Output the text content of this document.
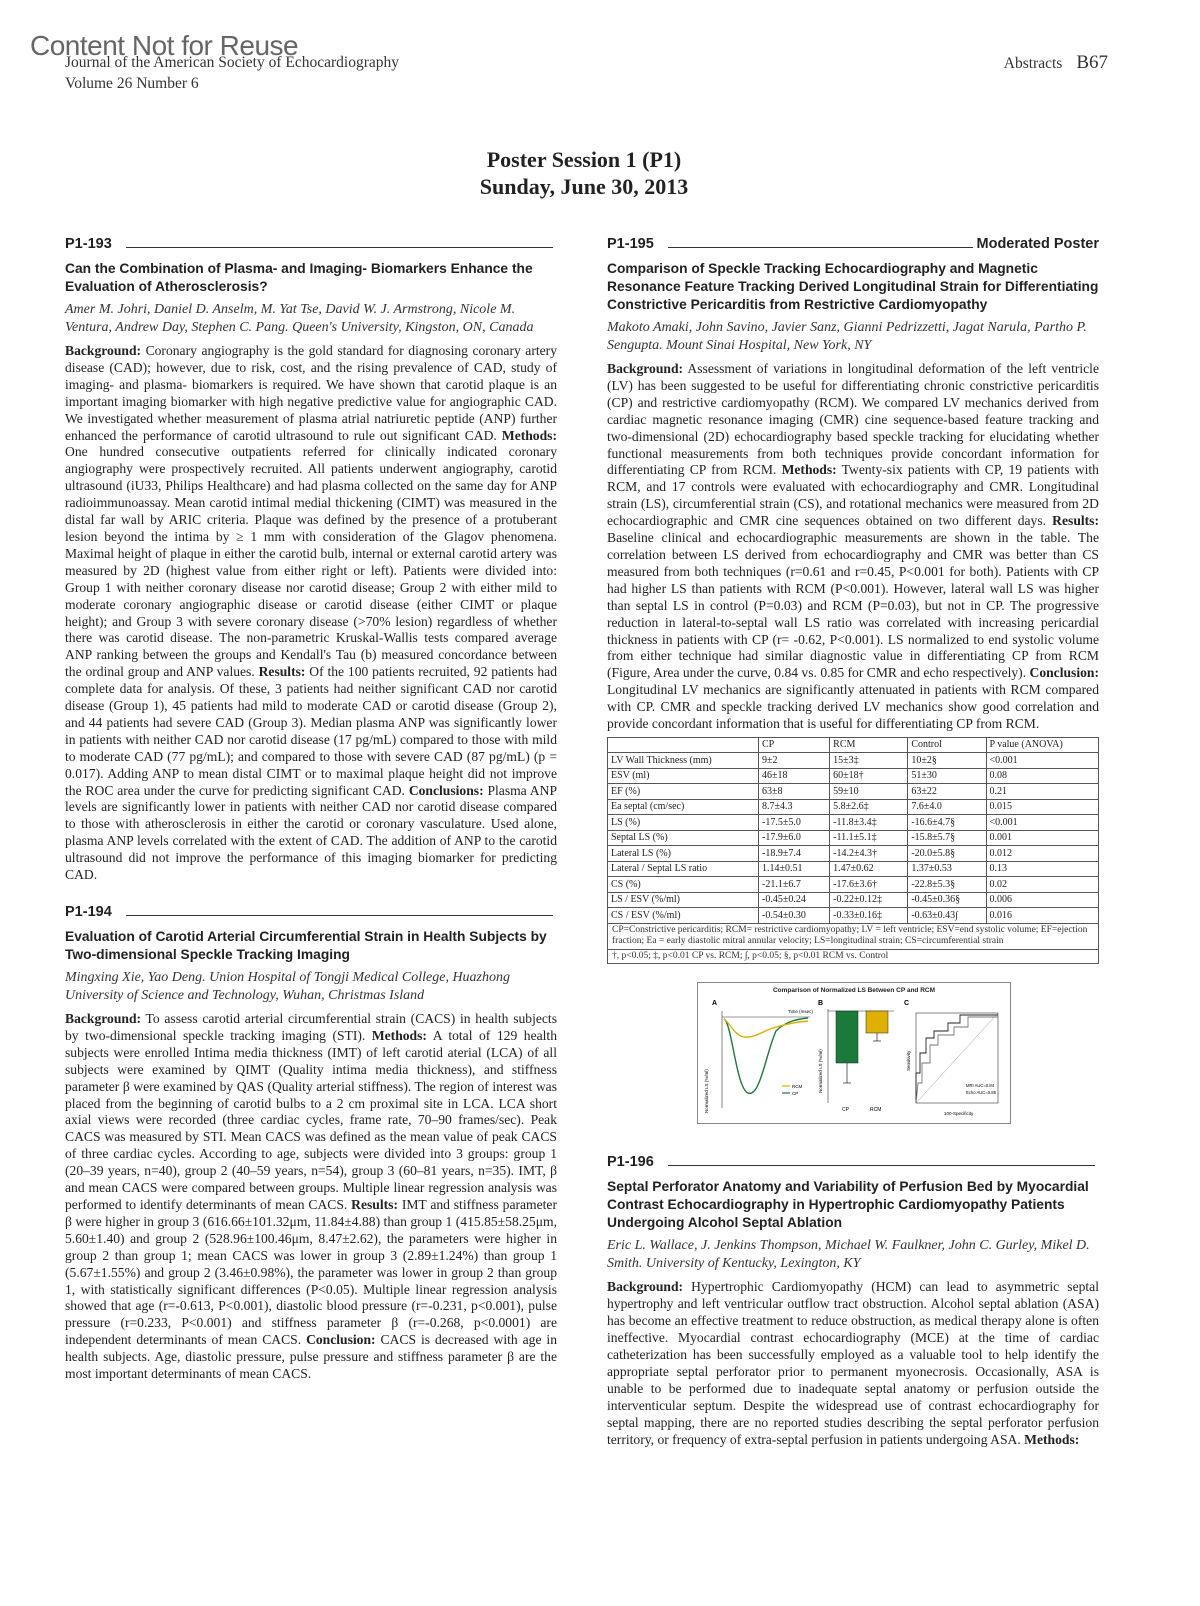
Content Not for Reuse
Journal of the American Society of Echocardiography
Volume 26 Number 6
Abstracts B67
Poster Session 1 (P1)
Sunday, June 30, 2013
P1-193
Can the Combination of Plasma- and Imaging- Biomarkers Enhance the Evaluation of Atherosclerosis?
Amer M. Johri, Daniel D. Anselm, M. Yat Tse, David W. J. Armstrong, Nicole M. Ventura, Andrew Day, Stephen C. Pang. Queen's University, Kingston, ON, Canada
Background: Coronary angiography is the gold standard for diagnosing coronary artery disease (CAD); however, due to risk, cost, and the rising prevalence of CAD, study of imaging- and plasma- biomarkers is required. We have shown that carotid plaque is an important imaging biomarker with high negative predictive value for angiographic CAD. We investigated whether measurement of plasma atrial natriuretic peptide (ANP) further enhanced the performance of carotid ultrasound to rule out significant CAD. Methods: One hundred consecutive outpatients referred for clinically indicated coronary angiography were prospectively recruited. All patients underwent angiography, carotid ultrasound (iU33, Philips Healthcare) and had plasma collected on the same day for ANP radioimmunoassay. Mean carotid intimal medial thickening (CIMT) was measured in the distal far wall by ARIC criteria. Plaque was defined by the presence of a protuberant lesion beyond the intima by ≥ 1 mm with consideration of the Glagov phenomena. Maximal height of plaque in either the carotid bulb, internal or external carotid artery was measured by 2D (highest value from either right or left). Patients were divided into: Group 1 with neither coronary disease nor carotid disease; Group 2 with either mild to moderate coronary angiographic disease or carotid disease (either CIMT or plaque height); and Group 3 with severe coronary disease (>70% lesion) regardless of whether there was carotid disease. The non-parametric Kruskal-Wallis tests compared average ANP ranking between the groups and Kendall's Tau (b) measured concordance between the ordinal group and ANP values. Results: Of the 100 patients recruited, 92 patients had complete data for analysis. Of these, 3 patients had neither significant CAD nor carotid disease (Group 1), 45 patients had mild to moderate CAD or carotid disease (Group 2), and 44 patients had severe CAD (Group 3). Median plasma ANP was significantly lower in patients with neither CAD nor carotid disease (17 pg/mL) compared to those with mild to moderate CAD (77 pg/mL); and compared to those with severe CAD (87 pg/mL) (p = 0.017). Adding ANP to mean distal CIMT or to maximal plaque height did not improve the ROC area under the curve for predicting significant CAD. Conclusions: Plasma ANP levels are significantly lower in patients with neither CAD nor carotid disease compared to those with atherosclerosis in either the carotid or coronary vasculature. Used alone, plasma ANP levels correlated with the extent of CAD. The addition of ANP to the carotid ultrasound did not improve the performance of this imaging biomarker for predicting CAD.
P1-194
Evaluation of Carotid Arterial Circumferential Strain in Health Subjects by Two-dimensional Speckle Tracking Imaging
Mingxing Xie, Yao Deng. Union Hospital of Tongji Medical College, Huazhong University of Science and Technology, Wuhan, Christmas Island
Background: To assess carotid arterial circumferential strain (CACS) in health subjects by two-dimensional speckle tracking imaging (STI). Methods: A total of 129 health subjects were enrolled Intima media thickness (IMT) of left carotid aterial (LCA) of all subjects were examined by QIMT (Quality intima media thickness), and stiffness parameter β were examined by QAS (Quality arterial stiffness). The region of interest was placed from the beginning of carotid bulbs to a 2 cm proximal site in LCA. LCA short axial views were recorded (three cardiac cycles, frame rate, 70–90 frames/sec). Peak CACS was measured by STI. Mean CACS was defined as the mean value of peak CACS of three cardiac cycles. According to age, subjects were divided into 3 groups: group 1 (20–39 years, n=40), group 2 (40–59 years, n=54), group 3 (60–81 years, n=35). IMT, β and mean CACS were compared between groups. Multiple linear regression analysis was performed to identify determinants of mean CACS. Results: IMT and stiffness parameter β were higher in group 3 (616.66±101.32μm, 11.84±4.88) than group 1 (415.85±58.25μm, 5.60±1.40) and group 2 (528.96±100.46μm, 8.47±2.62), the parameters were higher in group 2 than group 1; mean CACS was lower in group 3 (2.89±1.24%) than group 1 (5.67±1.55%) and group 2 (3.46±0.98%), the parameter was lower in group 2 than group 1, with statistically significant differences (P<0.05). Multiple linear regression analysis showed that age (r=-0.613, P<0.001), diastolic blood pressure (r=-0.231, p<0.001), pulse pressure (r=0.233, P<0.001) and stiffness parameter β (r=-0.268, p<0.0001) are independent determinants of mean CACS. Conclusion: CACS is decreased with age in health subjects. Age, diastolic pressure, pulse pressure and stiffness parameter β are the most important determinants of mean CACS.
P1-195	Moderated Poster
Comparison of Speckle Tracking Echocardiography and Magnetic Resonance Feature Tracking Derived Longitudinal Strain for Differentiating Constrictive Pericarditis from Restrictive Cardiomyopathy
Makoto Amaki, John Savino, Javier Sanz, Gianni Pedrizzetti, Jagat Narula, Partho P. Sengupta. Mount Sinai Hospital, New York, NY
Background: Assessment of variations in longitudinal deformation of the left ventricle (LV) has been suggested to be useful for differentiating chronic constrictive pericarditis (CP) and restrictive cardiomyopathy (RCM). We compared LV mechanics derived from cardiac magnetic resonance imaging (CMR) cine sequence-based feature tracking and two-dimensional (2D) echocardiography based speckle tracking for elucidating whether functional measurements from both techniques provide concordant information for differentiating CP from RCM. Methods: Twenty-six patients with CP, 19 patients with RCM, and 17 controls were evaluated with echocardiography and CMR. Longitudinal strain (LS), circumferential strain (CS), and rotational mechanics were measured from 2D echocardiographic and CMR cine sequences obtained on two different days. Results: Baseline clinical and echocardiographic measurements are shown in the table. The correlation between LS derived from echocardiography and CMR was better than CS measured from both techniques (r=0.61 and r=0.45, P<0.001 for both). Patients with CP had higher LS than patients with RCM (P<0.001). However, lateral wall LS was higher than septal LS in control (P=0.03) and RCM (P=0.03), but not in CP. The progressive reduction in lateral-to-septal wall LS ratio was correlated with increasing pericardial thickness in patients with CP (r= -0.62, P<0.001). LS normalized to end systolic volume from either technique had similar diagnostic value in differentiating CP from RCM (Figure, Area under the curve, 0.84 vs. 0.85 for CMR and echo respectively). Conclusion: Longitudinal LV mechanics are significantly attenuated in patients with RCM compared with CP. CMR and speckle tracking derived LV mechanics show good correlation and provide concordant information that is useful for differentiating CP from RCM.
	CP	RCM	Control	P value (ANOVA)
LV Wall Thickness (mm)	9±2	15±3‡	10±2§	<0.001
ESV (ml)	46±18	60±18†	51±30	0.08
EF (%)	63±8	59±10	63±22	0.21
Ea septal (cm/sec)	8.7±4.3	5.8±2.6‡	7.6±4.0	0.015
LS (%)	-17.5±5.0	-11.8±3.4‡	-16.6±4.7§	<0.001
Septal LS (%)	-17.9±6.0	-11.1±5.1‡	-15.8±5.7§	0.001
Lateral LS (%)	-18.9±7.4	-14.2±4.3†	-20.0±5.8§	0.012
Lateral / Septal LS ratio	1.14±0.51	1.47±0.62	1.37±0.53	0.13
CS (%)	-21.1±6.7	-17.6±3.6†	-22.8±5.3§	0.02
LS / ESV (%/ml)	-0.45±0.24	-0.22±0.12‡	-0.45±0.36§	0.006
CS / ESV (%/ml)	-0.54±0.30	-0.33±0.16‡	-0.63±0.43∫	0.016
CP=Constrictive pericarditis; RCM= restrictive cardiomyopathy; LV = left ventricle; ESV=end systolic volume; EF=ejection fraction; Ea = early diastolic mitral annular velocity; LS=longitudinal strain; CS=circumferential strain
†, p<0.05; ‡, p<0.01 CP vs. RCM; ∫, p<0.05; §, p<0.01 RCM vs. Control
Comparison of Normalized LS Between CP and RCM
A
Time (msec)
Normalized LS (%/ml)	RCM
CP
B
Normalized LS (%/ml)
CP	RCM
C
Sensitivity
MRI AUC=0.84
Echo AUC=0.85
100-Specificity
P1-196
Septal Perforator Anatomy and Variability of Perfusion Bed by Myocardial Contrast Echocardiography in Hypertrophic Cardiomyopathy Patients Undergoing Alcohol Septal Ablation
Eric L. Wallace, J. Jenkins Thompson, Michael W. Faulkner, John C. Gurley, Mikel D. Smith. University of Kentucky, Lexington, KY
Background: Hypertrophic Cardiomyopathy (HCM) can lead to asymmetric septal hypertrophy and left ventricular outflow tract obstruction. Alcohol septal ablation (ASA) has become an effective treatment to reduce obstruction, as medical therapy alone is often ineffective. Myocardial contrast echocardiography (MCE) at the time of cardiac catheterization has been successfully employed as a valuable tool to help identify the appropriate septal perforator prior to permanent myonecrosis. Occasionally, ASA is unable to be performed due to inadequate septal anatomy or perfusion outside the interventicular septum. Despite the widespread use of contrast echocardiography for septal mapping, there are no reported studies describing the septal perforator perfusion territory, or frequency of extra-septal perfusion in patients undergoing ASA. Methods:
